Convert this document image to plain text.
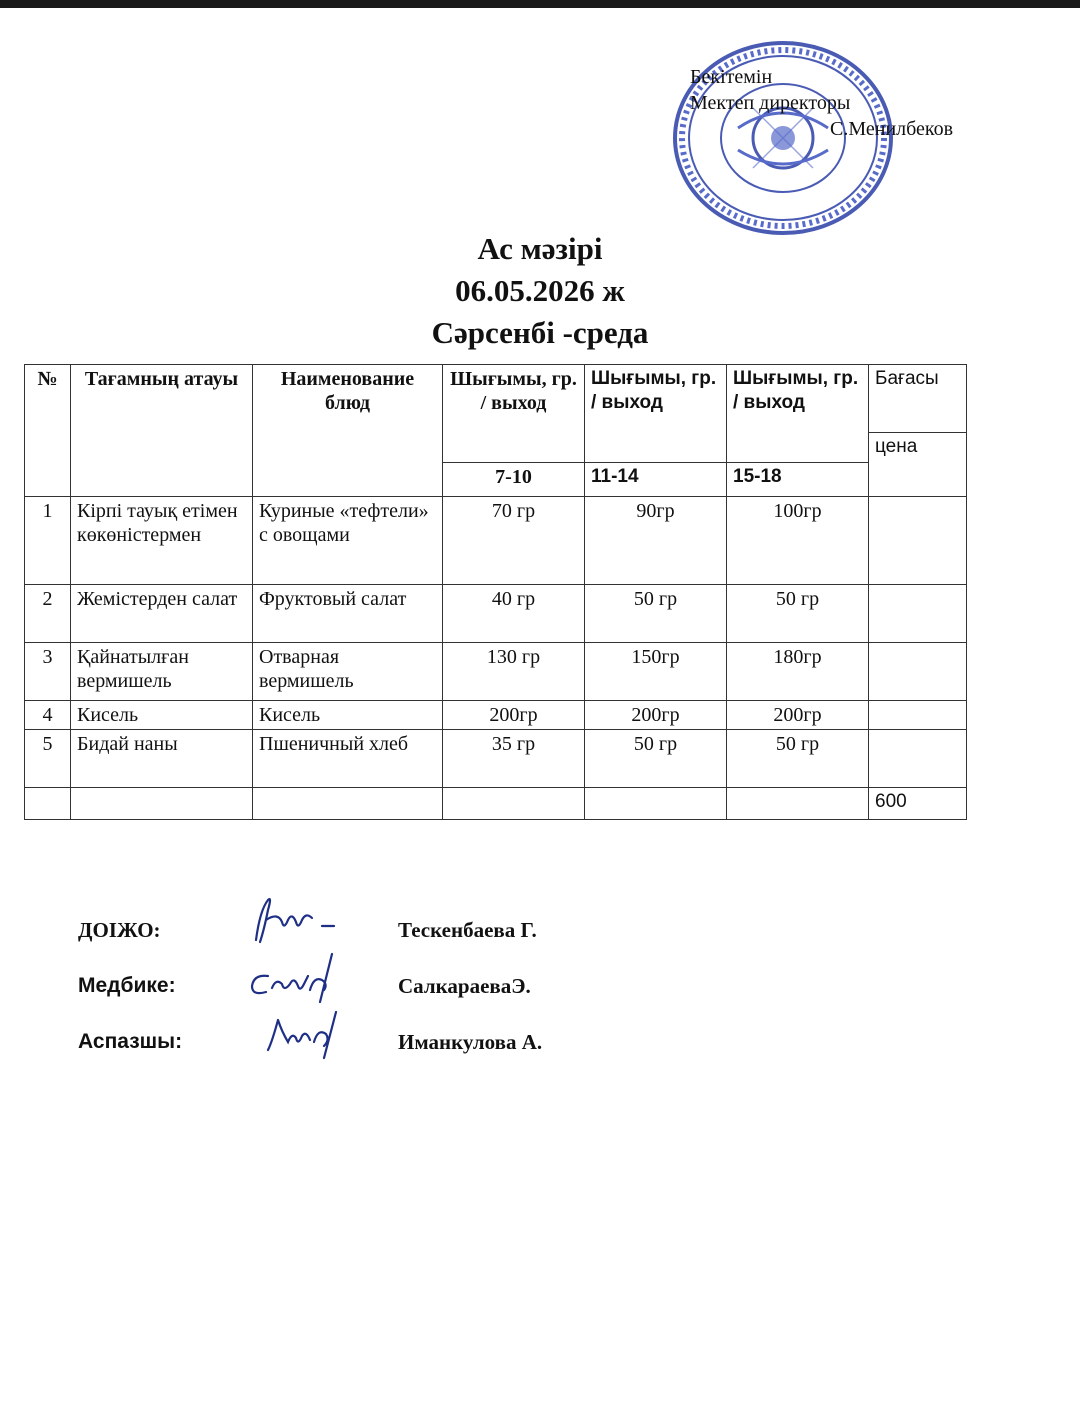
Бекітемін
Мектеп директоры
С.Менилбеков
Ас мәзірі
06.05.2026 ж
Сәрсенбі -среда
№	Тағамның атауы	Наименование блюд	Шығымы, гр. / выход	Шығымы, гр. / выход	Шығымы, гр. / выход	Бағасы
						цена
			7-10	11-14	15-18	
1	Кірпі тауық етімен көкөністермен	Куриные «тефтели» с овощами	70 гр	90гр	100гр	
2	Жемістерден салат	Фруктовый салат	40 гр	50 гр	50 гр	
3	Қайнатылған вермишель	Отварная вермишель	130 гр	150гр	180гр	
4	Кисель	Кисель	200гр	200гр	200гр	
5	Бидай наны	Пшеничный хлеб	35 гр	50 гр	50 гр	
						600
ДОІЖО:	Тескенбаева Г.
Медбике:	СалкараеваЭ.
Аспазшы:	Иманкулова А.
